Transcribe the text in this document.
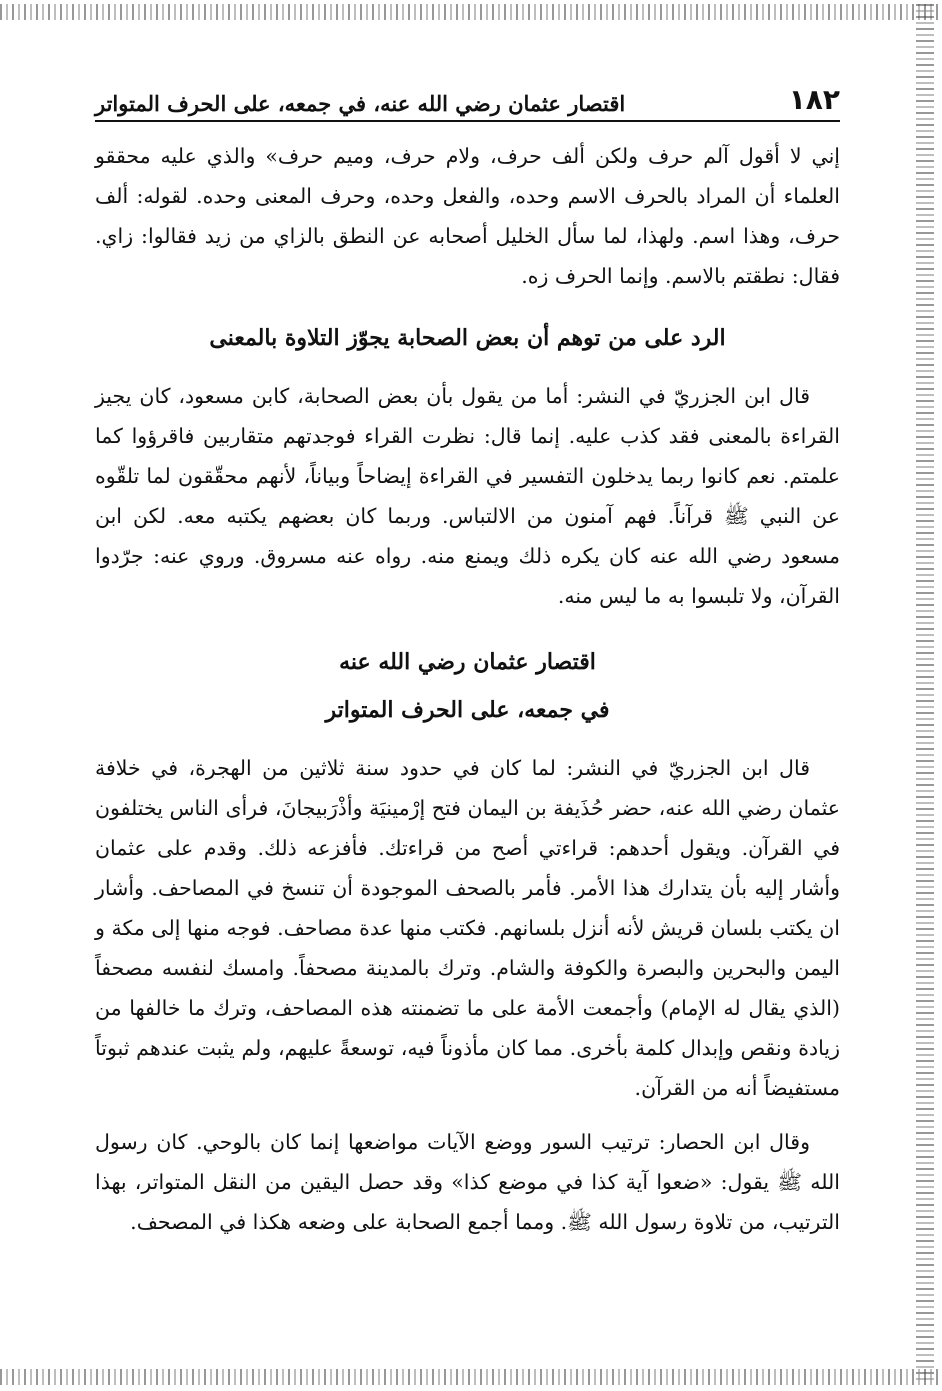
١٨٢
اقتصار عثمان رضي الله عنه، في جمعه، على الحرف المتواتر

إني لا أقول آلم حرف ولكن ألف حرف، ولام حرف، وميم حرف» والذي عليه محققو العلماء أن المراد بالحرف الاسم وحده، والفعل وحده، وحرف المعنى وحده. لقوله: ألف حرف، وهذا اسم. ولهذا، لما سأل الخليل أصحابه عن النطق بالزاي من زيد فقالوا: زاي. فقال: نطقتم بالاسم. وإنما الحرف زه.

الرد على من توهم أن بعض الصحابة يجوّز التلاوة بالمعنى

قال ابن الجزريّ في النشر: أما من يقول بأن بعض الصحابة، كابن مسعود، كان يجيز القراءة بالمعنى فقد كذب عليه. إنما قال: نظرت القراء فوجدتهم متقاربين فاقرؤوا كما علمتم. نعم كانوا ربما يدخلون التفسير في القراءة إيضاحاً وبياناً، لأنهم محقّقون لما تلقّوه عن النبي ﷺ قرآناً. فهم آمنون من الالتباس. وربما كان بعضهم يكتبه معه. لكن ابن مسعود رضي الله عنه كان يكره ذلك ويمنع منه. رواه عنه مسروق. وروي عنه: جرّدوا القرآن، ولا تلبسوا به ما ليس منه.

اقتصار عثمان رضي الله عنه

في جمعه، على الحرف المتواتر

قال ابن الجزريّ في النشر: لما كان في حدود سنة ثلاثين من الهجرة، في خلافة عثمان رضي الله عنه، حضر حُذَيفة بن اليمان فتح إرْمينيَة وأذْرَبيجانَ، فرأى الناس يختلفون في القرآن. ويقول أحدهم: قراءتي أصح من قراءتك. فأفزعه ذلك. وقدم على عثمان وأشار إليه بأن يتدارك هذا الأمر. فأمر بالصحف الموجودة أن تنسخ في المصاحف. وأشار ان يكتب بلسان قريش لأنه أنزل بلسانهم. فكتب منها عدة مصاحف. فوجه منها إلى مكة و اليمن والبحرين والبصرة والكوفة والشام. وترك بالمدينة مصحفاً. وامسك لنفسه مصحفاً (الذي يقال له الإمام) وأجمعت الأمة على ما تضمنته هذه المصاحف، وترك ما خالفها من زيادة ونقص وإبدال كلمة بأخرى. مما كان مأذوناً فيه، توسعةً عليهم، ولم يثبت عندهم ثبوتاً مستفيضاً أنه من القرآن.

وقال ابن الحصار: ترتيب السور ووضع الآيات مواضعها إنما كان بالوحي. كان رسول الله ﷺ يقول: «ضعوا آية كذا في موضع كذا» وقد حصل اليقين من النقل المتواتر، بهذا الترتيب، من تلاوة رسول الله ﷺ. ومما أجمع الصحابة على وضعه هكذا في المصحف.
